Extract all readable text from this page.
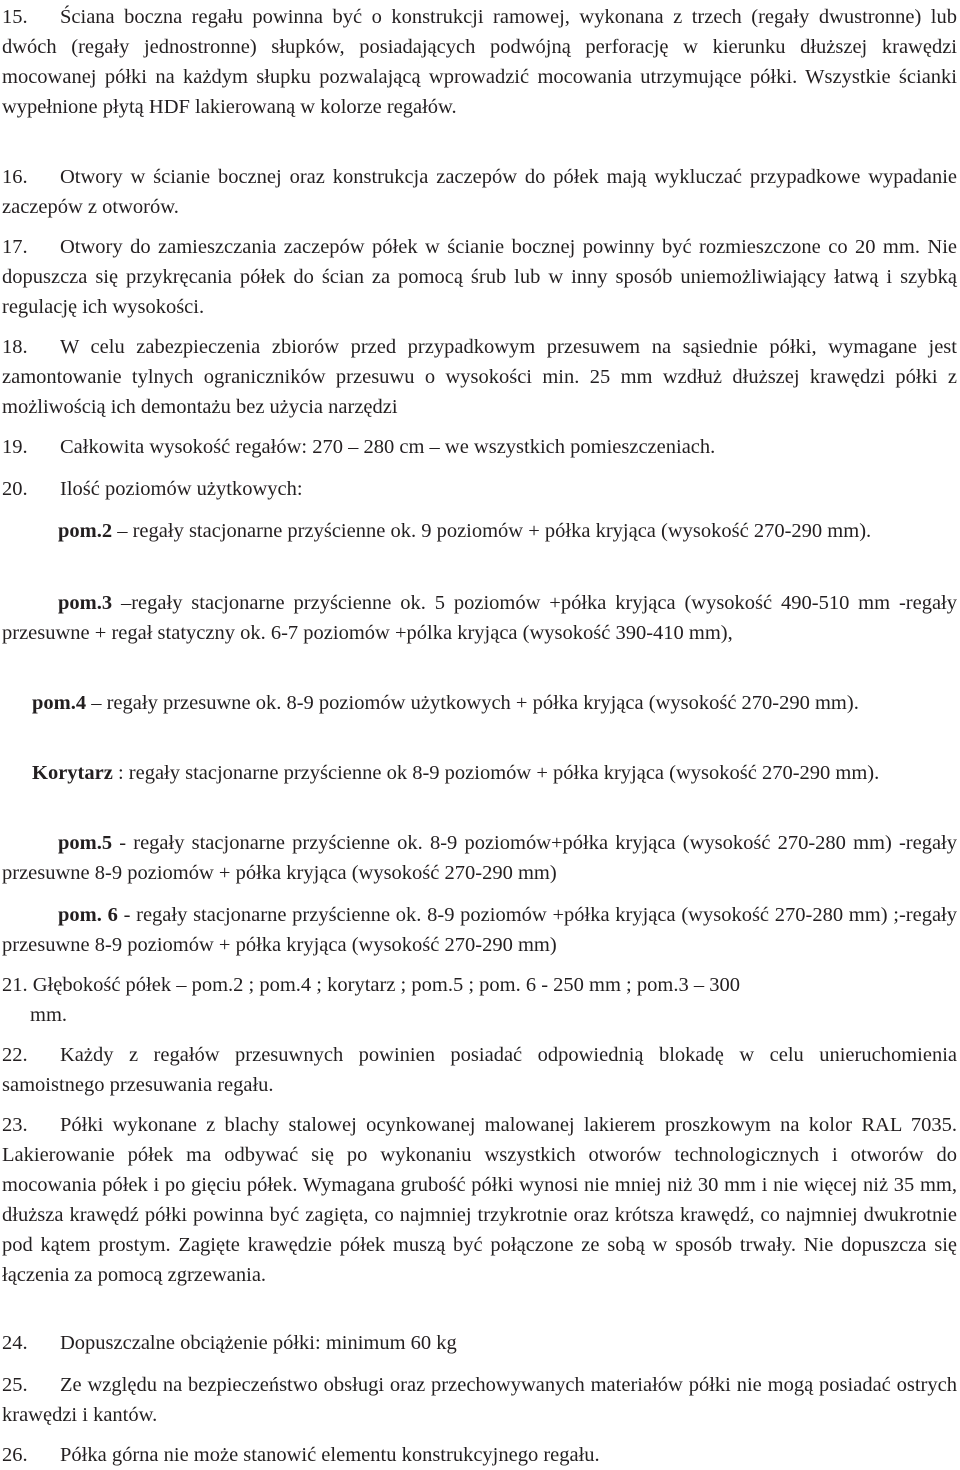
15. Ściana boczna regału powinna być o konstrukcji ramowej, wykonana z trzech (regały dwustronne) lub dwóch (regały jednostronne) słupków, posiadających podwójną perforację w kierunku dłuższej krawędzi mocowanej półki na każdym słupku pozwalającą wprowadzić mocowania utrzymujące półki. Wszystkie ścianki wypełnione płytą HDF lakierowaną w kolorze regałów.
16. Otwory w ścianie bocznej oraz konstrukcja zaczepów do półek mają wykluczać przypadkowe wypadanie zaczepów z otworów.
17. Otwory do zamieszczania zaczepów półek w ścianie bocznej powinny być rozmieszczone co 20 mm. Nie dopuszcza się przykręcania półek do ścian za pomocą śrub lub w inny sposób uniemożliwiający łatwą i szybką regulację ich wysokości.
18. W celu zabezpieczenia zbiorów przed przypadkowym przesuwem na sąsiednie półki, wymagane jest zamontowanie tylnych ograniczników przesuwu o wysokości min. 25 mm wzdłuż dłuższej krawędzi półki z możliwością ich demontażu bez użycia narzędzi
19. Całkowita wysokość regałów: 270 – 280 cm – we wszystkich pomieszczeniach.
20. Ilość poziomów użytkowych:
pom.2 – regały stacjonarne przyścienne ok. 9 poziomów + półka kryjąca (wysokość 270-290 mm).
pom.3 –regały stacjonarne przyścienne ok. 5 poziomów +półka kryjąca (wysokość 490-510 mm -regały przesuwne + regał statyczny ok. 6-7 poziomów +pólka kryjąca (wysokość 390-410 mm),
pom.4 – regały przesuwne ok. 8-9 poziomów użytkowych + półka kryjąca (wysokość 270-290 mm).
Korytarz : regały stacjonarne przyścienne ok 8-9 poziomów + półka kryjąca (wysokość 270-290 mm).
pom.5 - regały stacjonarne przyścienne ok. 8-9 poziomów+półka kryjąca (wysokość 270-280 mm) -regały przesuwne 8-9 poziomów + półka kryjąca (wysokość 270-290 mm)
pom. 6 - regały stacjonarne przyścienne ok. 8-9 poziomów +półka kryjąca (wysokość 270-280 mm) ;-regały przesuwne 8-9 poziomów + półka kryjąca (wysokość 270-290 mm)
21. Głębokość półek – pom.2 ; pom.4 ; korytarz ; pom.5 ; pom. 6 - 250 mm ; pom.3 – 300
mm.
22. Każdy z regałów przesuwnych powinien posiadać odpowiednią blokadę w celu unieruchomienia samoistnego przesuwania regału.
23. Półki wykonane z blachy stalowej ocynkowanej malowanej lakierem proszkowym na kolor RAL 7035. Lakierowanie półek ma odbywać się po wykonaniu wszystkich otworów technologicznych i otworów do mocowania półek i po gięciu półek. Wymagana grubość półki wynosi nie mniej niż 30 mm i nie więcej niż 35 mm, dłuższa krawędź półki powinna być zagięta, co najmniej trzykrotnie oraz krótsza krawędź, co najmniej dwukrotnie pod kątem prostym. Zagięte krawędzie półek muszą być połączone ze sobą w sposób trwały. Nie dopuszcza się łączenia za pomocą zgrzewania.
24. Dopuszczalne obciążenie półki: minimum 60 kg
25. Ze względu na bezpieczeństwo obsługi oraz przechowywanych materiałów półki nie mogą posiadać ostrych krawędzi i kantów.
26. Półka górna nie może stanowić elementu konstrukcyjnego regału.
